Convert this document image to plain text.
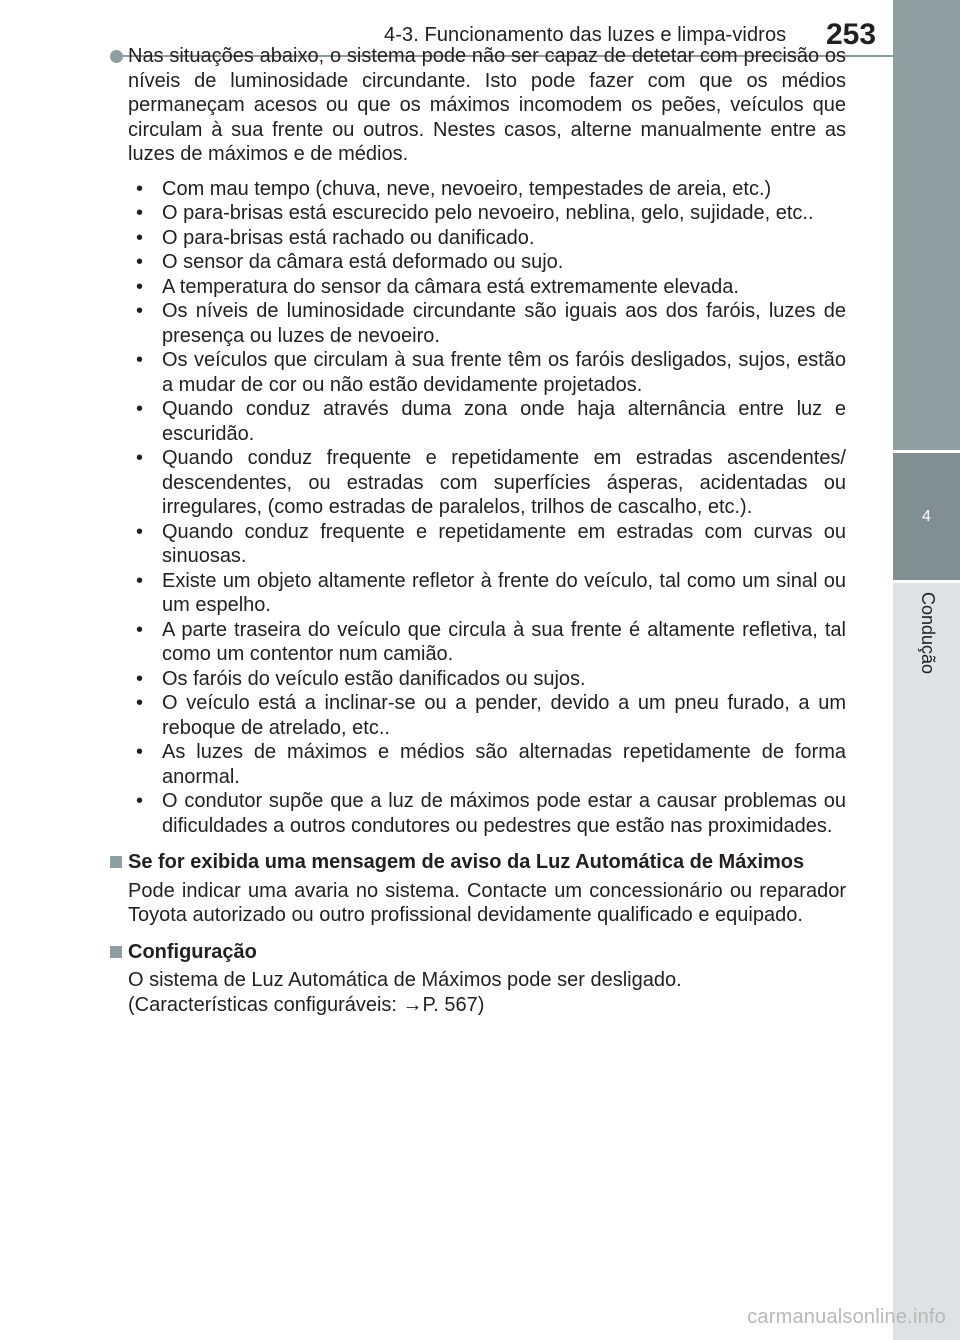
4-3. Funcionamento das luzes e limpa-vidros 253
4
Condução
Nas situações abaixo, o sistema pode não ser capaz de detetar com precisão os níveis de luminosidade circundante. Isto pode fazer com que os médios permaneçam acesos ou que os máximos incomodem os peões, veículos que circulam à sua frente ou outros. Nestes casos, alterne manualmente entre as luzes de máximos e de médios.
• Com mau tempo (chuva, neve, nevoeiro, tempestades de areia, etc.)
• O para-brisas está escurecido pelo nevoeiro, neblina, gelo, sujidade, etc..
• O para-brisas está rachado ou danificado.
• O sensor da câmara está deformado ou sujo.
• A temperatura do sensor da câmara está extremamente elevada.
• Os níveis de luminosidade circundante são iguais aos dos faróis, luzes de presença ou luzes de nevoeiro.
• Os veículos que circulam à sua frente têm os faróis desligados, sujos, estão a mudar de cor ou não estão devidamente projetados.
• Quando conduz através duma zona onde haja alternância entre luz e escuridão.
• Quando conduz frequente e repetidamente em estradas ascendentes/ descendentes, ou estradas com superfícies ásperas, acidentadas ou irregulares, (como estradas de paralelos, trilhos de cascalho, etc.).
• Quando conduz frequente e repetidamente em estradas com curvas ou sinuosas.
• Existe um objeto altamente refletor à frente do veículo, tal como um sinal ou um espelho.
• A parte traseira do veículo que circula à sua frente é altamente refletiva, tal como um contentor num camião.
• Os faróis do veículo estão danificados ou sujos.
• O veículo está a inclinar-se ou a pender, devido a um pneu furado, a um reboque de atrelado, etc..
• As luzes de máximos e médios são alternadas repetidamente de forma anormal.
• O condutor supõe que a luz de máximos pode estar a causar problemas ou dificuldades a outros condutores ou pedestres que estão nas proximidades.
Se for exibida uma mensagem de aviso da Luz Automática de Máximos
Pode indicar uma avaria no sistema. Contacte um concessionário ou reparador Toyota autorizado ou outro profissional devidamente qualificado e equipado.
Configuração
O sistema de Luz Automática de Máximos pode ser desligado.
(Características configuráveis: →P. 567)
carmanualsonline.info
